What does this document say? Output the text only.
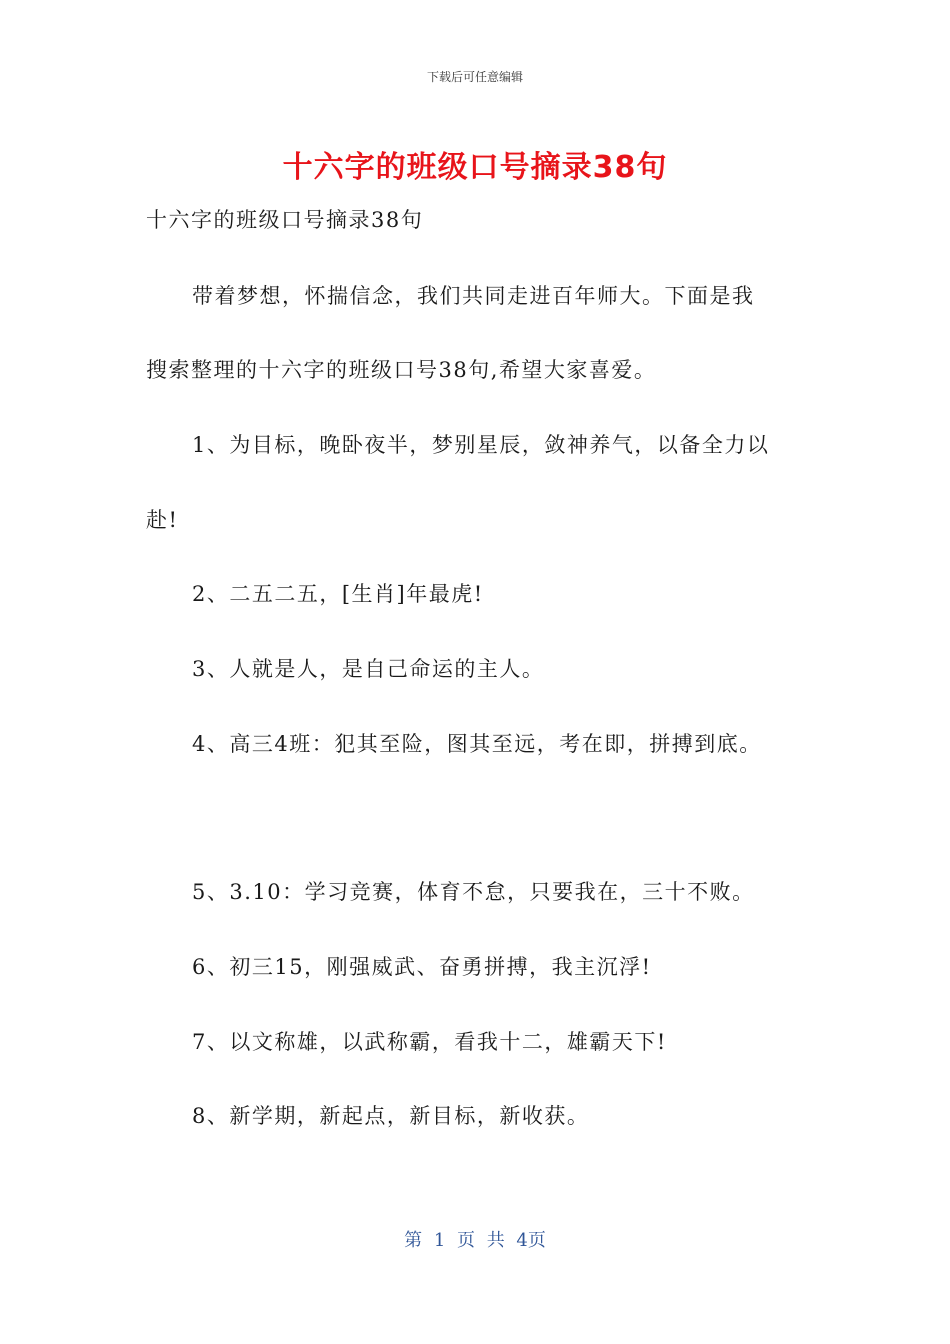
下载后可任意编辑
十六字的班级口号摘录38句
十六字的班级口号摘录38句
带着梦想，怀揣信念，我们共同走进百年师大。下面是我
搜索整理的十六字的班级口号38句,希望大家喜爱。
1、为目标，晚卧夜半，梦别星辰，敛神养气，以备全力以
赴!
2、二五二五，[生肖]年最虎!
3、人就是人，是自己命运的主人。
4、高三4班：犯其至险，图其至远，考在即，拼搏到底。
5、3.10：学习竞赛，体育不怠，只要我在，三十不败。
6、初三15，刚强威武、奋勇拼搏，我主沉浮!
7、以文称雄，以武称霸，看我十二，雄霸天下!
8、新学期，新起点，新目标，新收获。
第 1 页 共 4页
